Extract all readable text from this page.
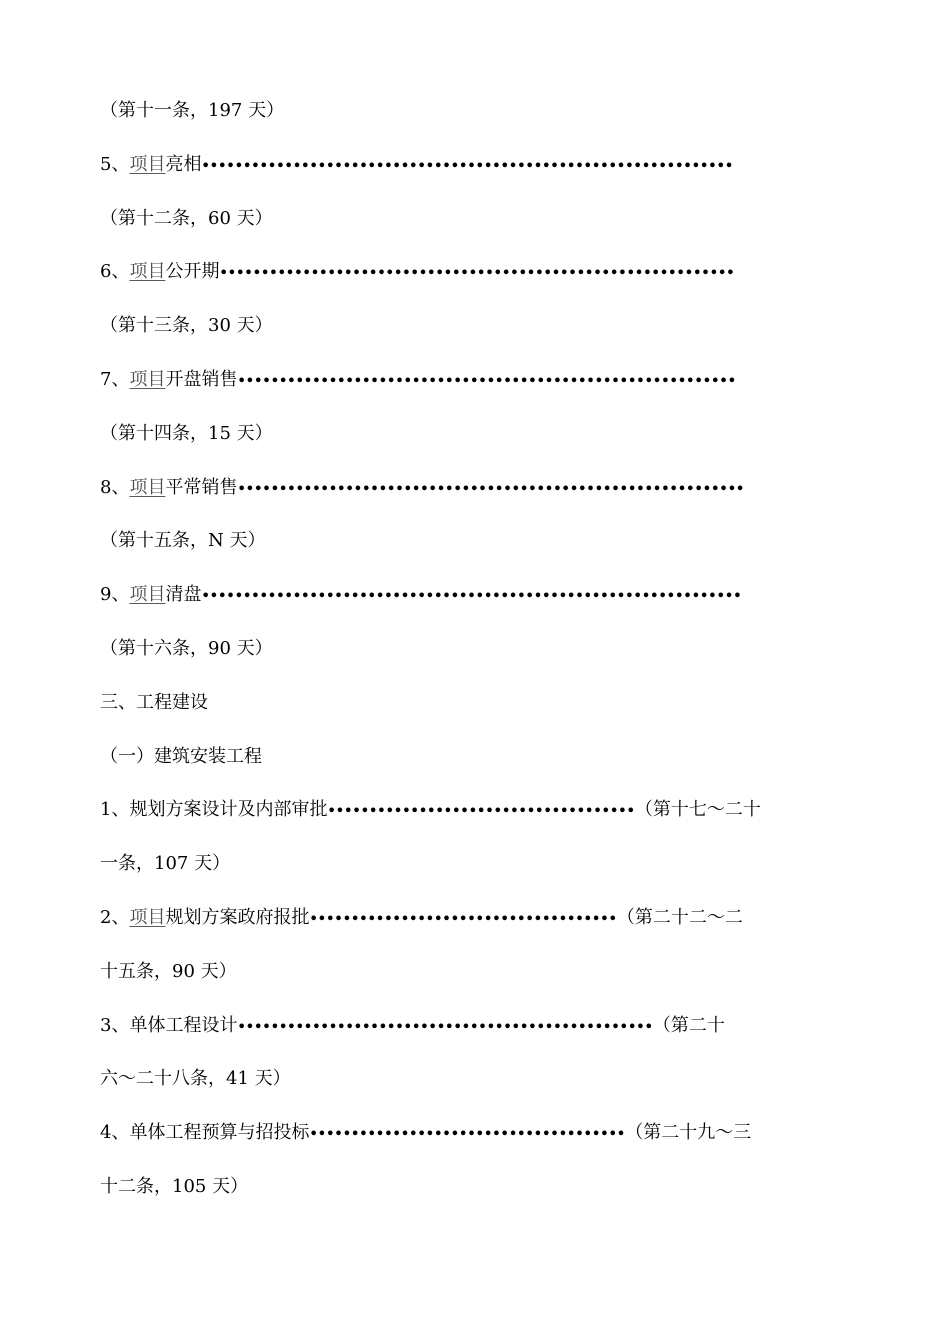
（第十一条，197 天）
5、项目亮相••••••••••••••••••••••••••••••••••••••••••••••••••••••••••••••••
（第十二条，60 天）
6、项目公开期••••••••••••••••••••••••••••••••••••••••••••••••••••••••••••••
（第十三条，30 天）
7、项目开盘销售••••••••••••••••••••••••••••••••••••••••••••••••••••••••••••
（第十四条，15 天）
8、项目平常销售•••••••••••••••••••••••••••••••••••••••••••••••••••••••••••••
（第十五条，N 天）
9、项目清盘•••••••••••••••••••••••••••••••••••••••••••••••••••••••••••••••••
（第十六条，90 天）
三、工程建设
（一）建筑安装工程
1、规划方案设计及内部审批•••••••••••••••••••••••••••••••••••••（第十七～二十
一条，107 天）
2、项目规划方案政府报批•••••••••••••••••••••••••••••••••••••（第二十二～二
十五条，90 天）
3、单体工程设计••••••••••••••••••••••••••••••••••••••••••••••••••（第二十
六～二十八条，41 天）
4、单体工程预算与招投标••••••••••••••••••••••••••••••••••••••（第二十九～三
十二条，105 天）
